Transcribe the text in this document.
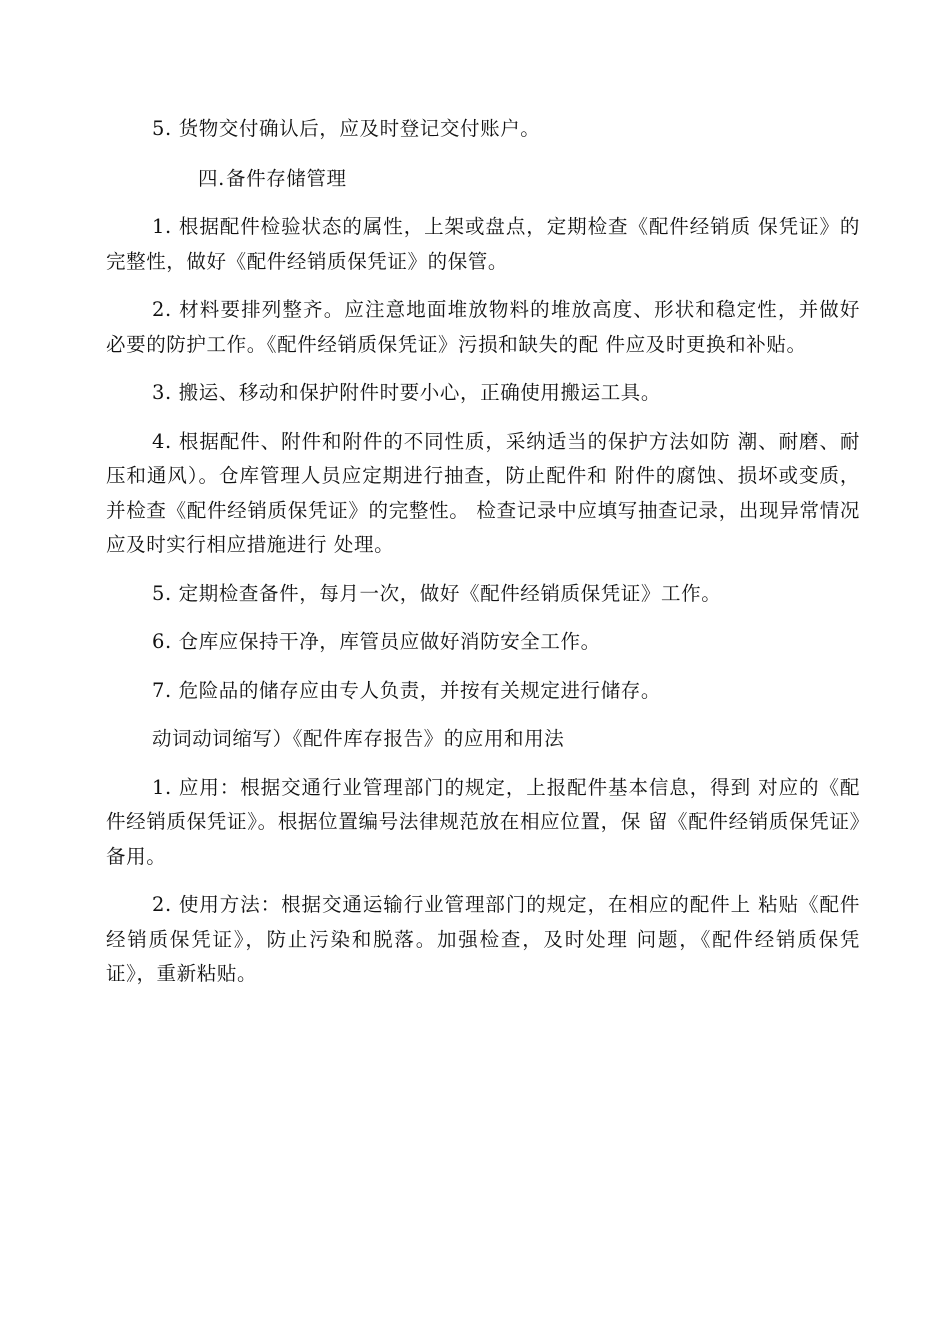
5. 货物交付确认后，应及时登记交付账户。

四.备件存储管理

1. 根据配件检验状态的属性，上架或盘点，定期检查《配件经销质 保凭证》的完整性，做好《配件经销质保凭证》的保管。

2. 材料要排列整齐。应注意地面堆放物料的堆放高度、形状和稳定性，并做好必要的防护工作。《配件经销质保凭证》污损和缺失的配 件应及时更换和补贴。

3. 搬运、移动和保护附件时要小心，正确使用搬运工具。

4. 根据配件、附件和附件的不同性质，采纳适当的保护方法如防 潮、耐磨、耐压和通风）。仓库管理人员应定期进行抽查，防止配件和 附件的腐蚀、损坏或变质，并检查《配件经销质保凭证》的完整性。 检查记录中应填写抽查记录，出现异常情况应及时实行相应措施进行 处理。

5. 定期检查备件，每月一次，做好《配件经销质保凭证》工作。

6. 仓库应保持干净，库管员应做好消防安全工作。

7. 危险品的储存应由专人负责，并按有关规定进行储存。

动词动词缩写）《配件库存报告》的应用和用法

1. 应用：根据交通行业管理部门的规定，上报配件基本信息，得到 对应的《配件经销质保凭证》。根据位置编号法律规范放在相应位置，保 留《配件经销质保凭证》备用。

2. 使用方法：根据交通运输行业管理部门的规定，在相应的配件上 粘贴《配件经销质保凭证》，防止污染和脱落。加强检查，及时处理 问题，《配件经销质保凭证》，重新粘贴。
